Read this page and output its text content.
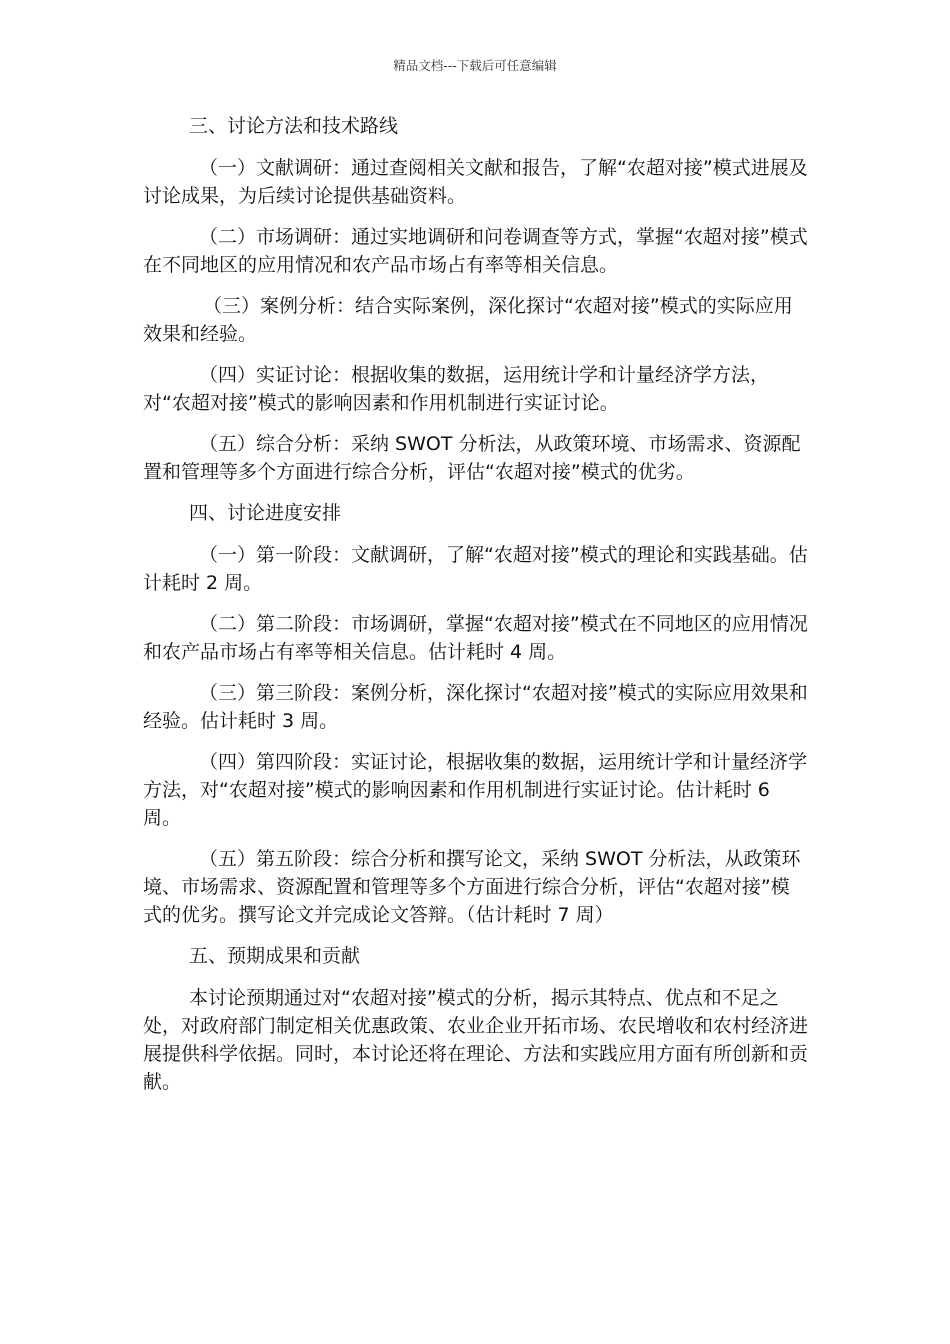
精品文档---下载后可任意编辑
三、讨论方法和技术路线
（一）文献调研：通过查阅相关文献和报告，了解“农超对接”模式进展及讨论成果，为后续讨论提供基础资料。
（二）市场调研：通过实地调研和问卷调查等方式，掌握“农超对接”模式在不同地区的应用情况和农产品市场占有率等相关信息。
（三）案例分析：结合实际案例，深化探讨“农超对接”模式的实际应用效果和经验。
（四）实证讨论：根据收集的数据，运用统计学和计量经济学方法，对“农超对接”模式的影响因素和作用机制进行实证讨论。
（五）综合分析：采纳 SWOT 分析法，从政策环境、市场需求、资源配置和管理等多个方面进行综合分析，评估“农超对接”模式的优劣。
四、讨论进度安排
（一）第一阶段：文献调研，了解“农超对接”模式的理论和实践基础。估计耗时 2 周。
（二）第二阶段：市场调研，掌握“农超对接”模式在不同地区的应用情况和农产品市场占有率等相关信息。估计耗时 4 周。
（三）第三阶段：案例分析，深化探讨“农超对接”模式的实际应用效果和经验。估计耗时 3 周。
（四）第四阶段：实证讨论，根据收集的数据，运用统计学和计量经济学方法，对“农超对接”模式的影响因素和作用机制进行实证讨论。估计耗时 6 周。
（五）第五阶段：综合分析和撰写论文，采纳 SWOT 分析法，从政策环境、市场需求、资源配置和管理等多个方面进行综合分析，评估“农超对接”模式的优劣。撰写论文并完成论文答辩。（估计耗时 7 周）
五、预期成果和贡献
本讨论预期通过对“农超对接”模式的分析，揭示其特点、优点和不足之处，对政府部门制定相关优惠政策、农业企业开拓市场、农民增收和农村经济进展提供科学依据。同时，本讨论还将在理论、方法和实践应用方面有所创新和贡献。
